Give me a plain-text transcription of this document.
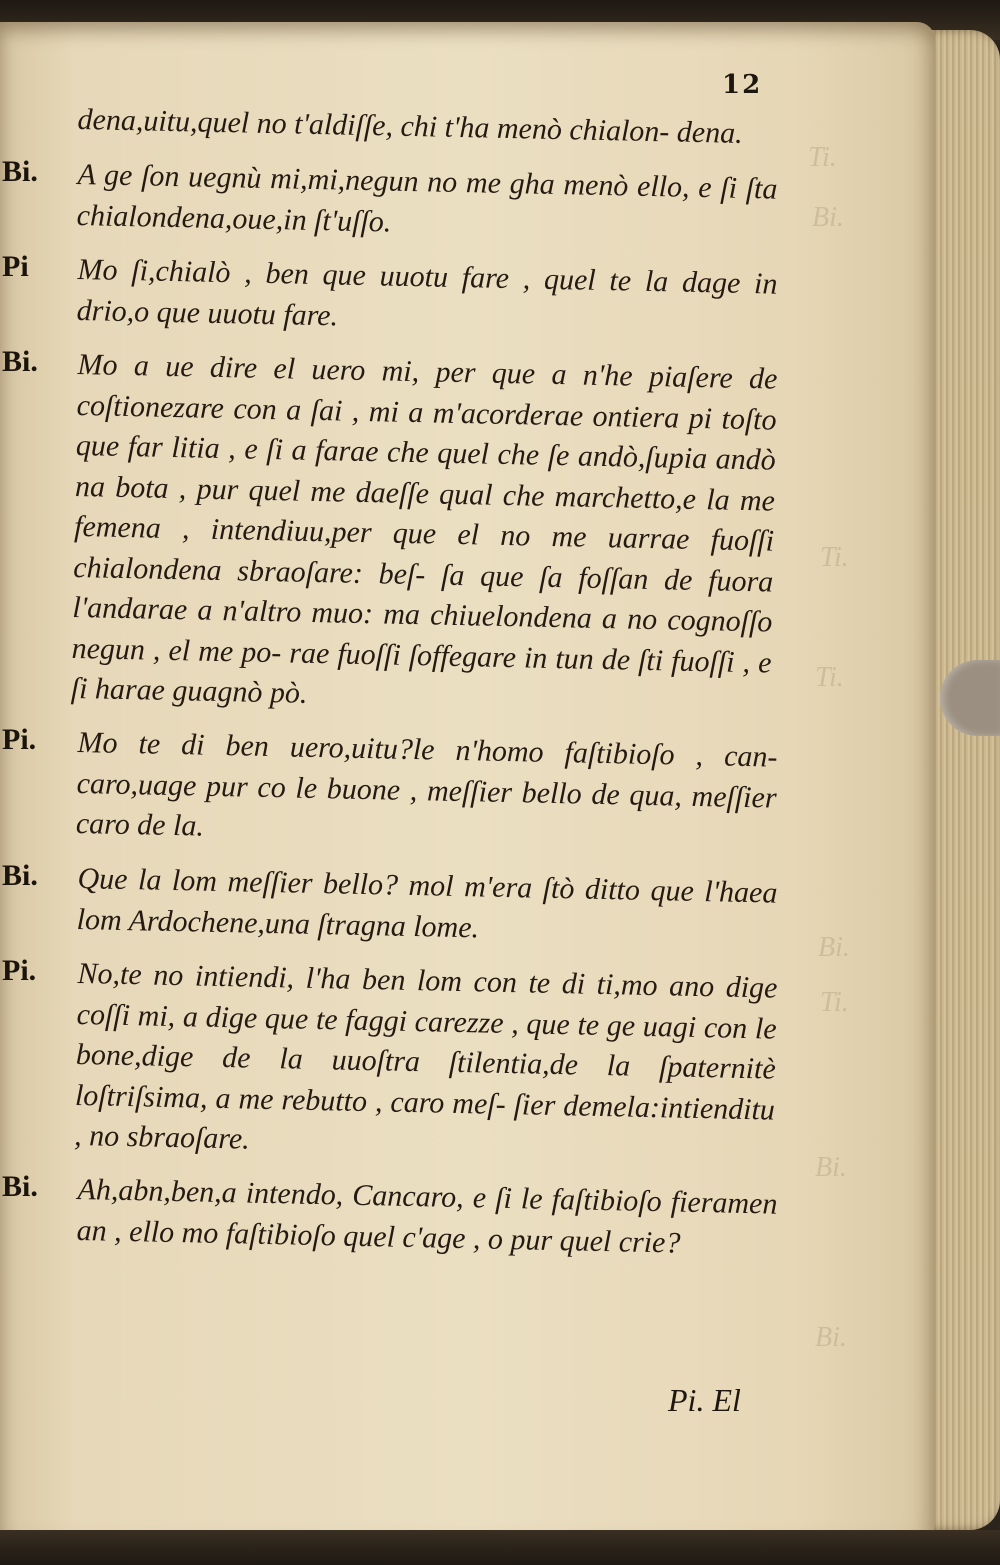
Ti.
Bi.
Ti.
Ti.
Bi.
Ti.
Bi.
Bi.
12
dena,uitu,quel no t'aldiſſe, chi t'ha menò chialon- dena.
Bi. A ge ſon uegnù mi,mi,negun no me gha menò ello, e ſi ſta chialondena,oue,in ſt'uſſo.
Pi Mo ſi,chialò , ben que uuotu fare , quel te la dage in drio,o que uuotu fare.
Bi. Mo a ue dire el uero mi, per que a n'he piaſere de coſtionezare con a ſai , mi a m'acorderae ontiera pi toſto que far litia , e ſi a farae che quel che ſe andò,ſupia andò na bota , pur quel me daeſſe qual che marchetto,e la me femena , intendiuu,per que el no me uarrae fuoſſi chialondena sbraoſare: beſ- ſa que ſa foſſan de fuora l'andarae a n'altro muo: ma chiuelondena a no cognoſſo negun , el me po- rae fuoſſi ſoffegare in tun de ſti fuoſſi , e ſi harae guagnò pò.
Pi. Mo te di ben uero,uitu?le n'homo faſtibioſo , can- caro,uage pur co le buone , meſſier bello de qua, meſſier caro de la.
Bi. Que la lom meſſier bello? mol m'era ſtò ditto que l'haea lom Ardochene,una ſtragna lome.
Pi. No,te no intiendi, l'ha ben lom con te di ti,mo ano dige coſſi mi, a dige que te faggi carezze , que te ge uagi con le bone,dige de la uuoſtra ſtilentia,de la ſpaternitè loſtriſsima, a me rebutto , caro meſ- ſier demela:intienditu , no sbraoſare.
Bi. Ah,abn,ben,a intendo, Cancaro, e ſi le faſtibioſo fieramen an , ello mo faſtibioſo quel c'age , o pur quel crie?
Pi. El
